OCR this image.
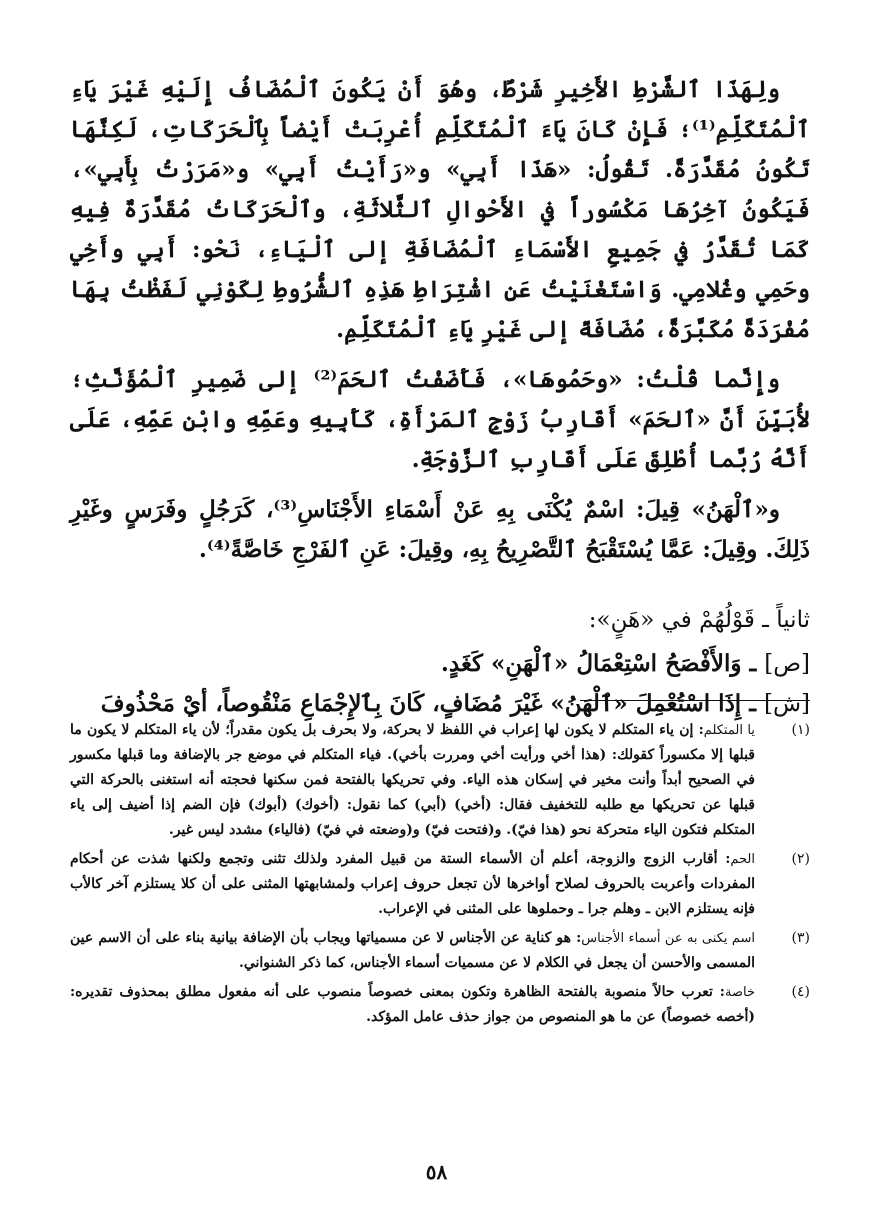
ولِهَذَا ٱلشَّرْطِ الأَخِيرِ شَرْطٌ، وهُوَ أَنْ يَكُونَ ٱلْمُضَافُ إِلَيْهِ غَيْرَ يَاءِ ٱلْمُتَكَلِّمِ⁽¹⁾؛ فَإِنْ كَانَ يَاءَ ٱلْمُتَكَلِّمِ أُعْرِبَتْ أَيْضاً بِٱلْحَرَكَاتِ، لَكِنَّهَا تَكُونُ مُقَدَّرَةً. تَقُولُ: «هَذَا أَبِي» و«رَأَيْتُ أَبِي» و«مَرَرْتُ بِأَبِي»، فَيَكُونُ آخِرُهَا مَكْسُوراً في الأَحْوالِ ٱلثَّلاثَةِ، وٱلْحَرَكَاتُ مُقَدَّرَةٌ فِيهِ كَمَا تُقَدَّرُ في جَمِيعِ الأَسْمَاءِ ٱلْمُضَافَةِ إلى ٱلْيَاءِ، نَحْو: أَبِي وأَخِي وحَمِي وغُلامِي. وَاسْتَغْنَيْتُ عَنِ اشْتِرَاطِ هَذِهِ ٱلشُّرُوطِ لِكَوْنِي لَفَظْتُ بِهَا مُفْرَدَةً مُكَبَّرَةً، مُضَافَةً إلى غَيْرِ يَاءِ ٱلْمُتَكَلِّمِ.

وإِنَّما قُلْتُ: «وحَمُوهَا»، فَأَضَفْتُ ٱلحَمَ⁽²⁾ إلى ضَمِيرِ ٱلْمُؤَنَّثِ؛ لأُبَيِّنَ أَنَّ «ٱلحَمَ» أَقَارِبُ زَوْجِ ٱلمَرْأَةِ، كَأَبِيهِ وعَمِّهِ وابْنِ عَمِّهِ، عَلَى أَنَّهُ رُبَّما أُطْلِقَ عَلَى أَقَارِبِ ٱلزَّوْجَةِ.

و«ٱلْهَنُ» قِيلَ: اسْمٌ يُكْنَى بِهِ عَنْ أَسْمَاءِ الأَجْنَاسِ⁽³⁾، كَرَجُلٍ وفَرَسٍ وغَيْرِ ذَلِكَ. وقِيلَ: عَمَّا يُسْتَقْبَحُ ٱلتَّصْرِيحُ بِهِ، وقِيلَ: عَنِ ٱلفَرْجِ خَاصَّةً⁽⁴⁾.

ثانياً ـ قَوْلُهُمْ في «هَنٍ»:

[ص] ـ وَالأَفْصَحُ اسْتِعْمَالُ «ٱلْهَنِ» كَغَدٍ.

[ش] ـ إِذَا اسْتُعْمِلَ «ٱلْهَنُ» غَيْرَ مُضَافٍ، كَانَ بِٱلإِجْمَاعِ مَنْقُوصاً، أيْ مَحْذُوفَ

(١)
يا المتكلم: إن ياء المتكلم لا يكون لها إعراب في اللفظ لا بحركة، ولا بحرف بل يكون مقدراً؛ لأن ياء المتكلم لا يكون ما قبلها إلا مكسوراً كقولك: (هذا أخي ورأيت أخي ومررت بأخي). فياء المتكلم في موضع جر بالإضافة وما قبلها مكسور في الصحيح أبداً وأنت مخير في إسكان هذه الياء. وفي تحريكها بالفتحة فمن سكنها فحجته أنه استغنى بالحركة التي قبلها عن تحريكها مع طلبه للتخفيف فقال: (أخي) (أبي) كما نقول: (أخوك) (أبوك) فإن الضم إذا أضيف إلى ياء المتكلم فتكون الياء متحركة نحو (هذا فيّ). و(فتحت فيّ) و(وضعته في فيّ) (فالياء) مشدد ليس غير.
(٢)
الحم: أقارب الزوج والزوجة، أعلم أن الأسماء الستة من قبيل المفرد ولذلك تثنى وتجمع ولكنها شذت عن أحكام المفردات وأعربت بالحروف لصلاح أواخرها لأن تجعل حروف إعراب ولمشابهتها المثنى على أن كلا يستلزم آخر كالأب فإنه يستلزم الابن ـ وهلم جرا ـ وحملوها على المثنى في الإعراب.
(٣)
اسم يكنى به عن أسماء الأجناس: هو كناية عن الأجناس لا عن مسمياتها ويجاب بأن الإضافة بيانية بناء على أن الاسم عين المسمى والأحسن أن يجعل في الكلام لا عن مسميات أسماء الأجناس، كما ذكر الشنواني.
(٤)
خاصة: تعرب حالاً منصوبة بالفتحة الظاهرة وتكون بمعنى خصوصاً منصوب على أنه مفعول مطلق بمحذوف تقديره: (أخصه خصوصاً) عن ما هو المنصوص من جواز حذف عامل المؤكد.
٥٨
